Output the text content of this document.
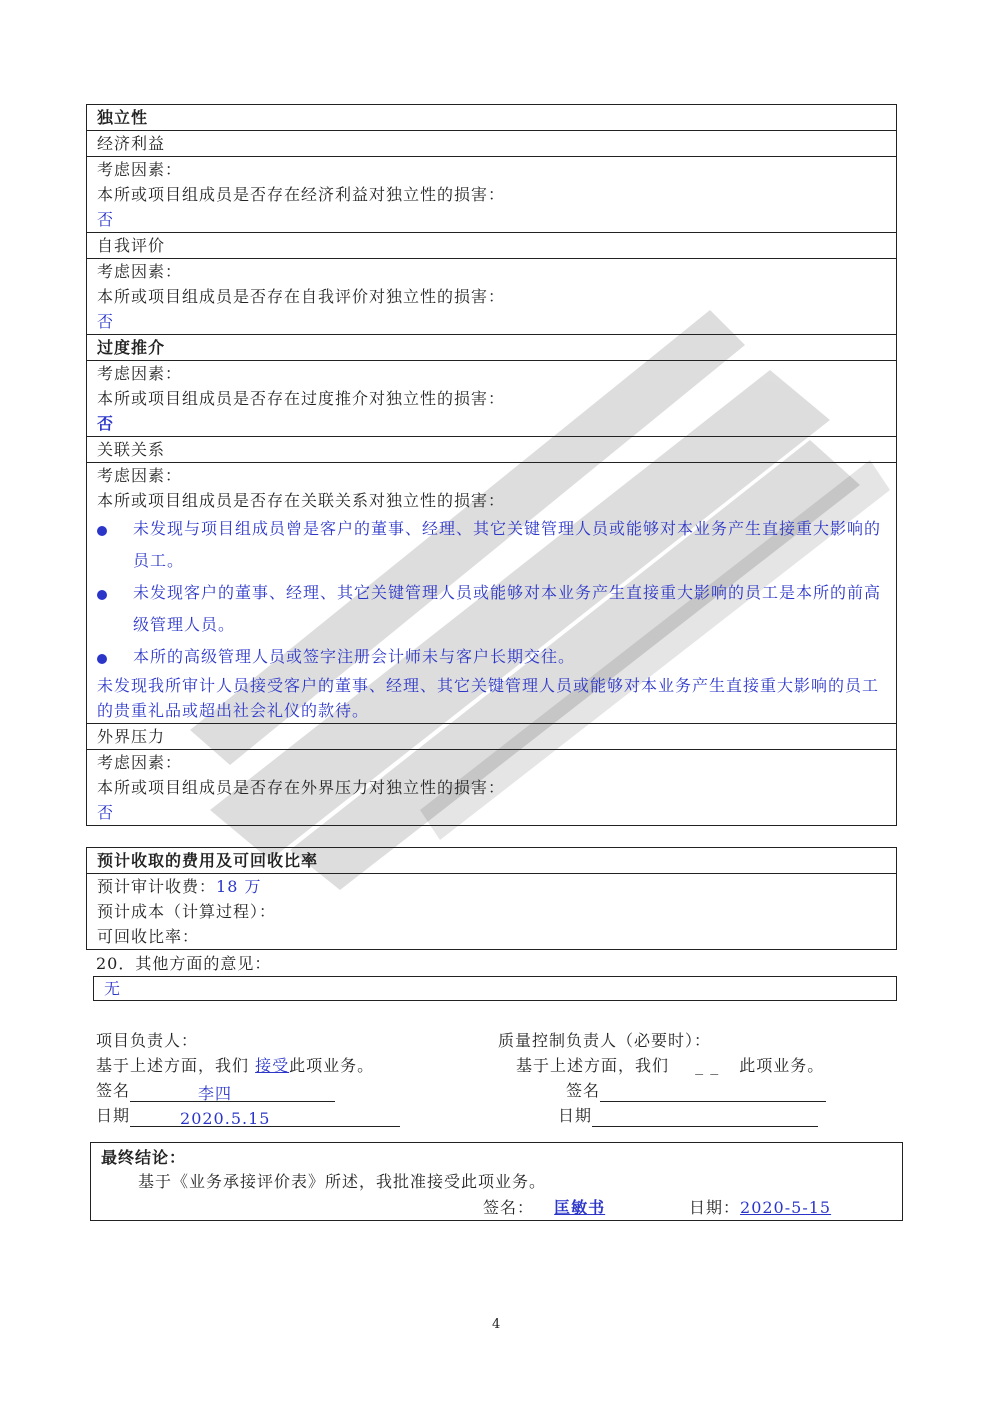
独立性
经济利益
考虑因素：
本所或项目组成员是否存在经济利益对独立性的损害：
否
自我评价
考虑因素：
本所或项目组成员是否存在自我评价对独立性的损害：
否
过度推介
考虑因素：
本所或项目组成员是否存在过度推介对独立性的损害：
否
关联关系
考虑因素：
本所或项目组成员是否存在关联关系对独立性的损害：
未发现与项目组成员曾是客户的董事、经理、其它关键管理人员或能够对本业务产生直接重大影响的员工。
未发现客户的董事、经理、其它关键管理人员或能够对本业务产生直接重大影响的员工是本所的前高级管理人员。
本所的高级管理人员或签字注册会计师未与客户长期交往。
未发现我所审计人员接受客户的董事、经理、其它关键管理人员或能够对本业务产生直接重大影响的员工的贵重礼品或超出社会礼仪的款待。
外界压力
考虑因素：
本所或项目组成员是否存在外界压力对独立性的损害：
否
预计收取的费用及可回收比率
预计审计收费：18 万
预计成本（计算过程）：
可回收比率：
20．其他方面的意见：
无
项目负责人：
基于上述方面，我们 接受此项业务。
签名	李四
日期	2020.5.15
质量控制负责人（必要时）：
基于上述方面，我们 _ _ 此项业务。
签名
日期
最终结论：
基于《业务承接评价表》所述，我批准接受此项业务。
签名： 匡敏书	日期：2020-5-15
4
